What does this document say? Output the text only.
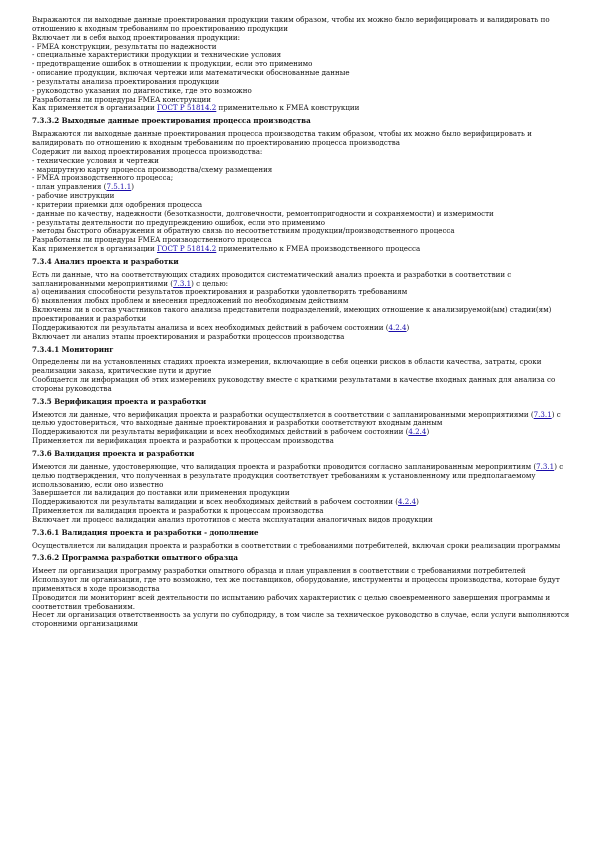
Выражаются ли выходные данные проектирования продукции таким образом, чтобы их можно было верифицировать и валидировать по отношению к входным требованиям по проектированию продукции

Включает ли в себя выход проектирования продукции:

- FMEA конструкции, результаты по надежности

- специальные характеристики продукции и технические условия

- предотвращение ошибок в отношении к продукции, если это применимо

- описание продукции, включая чертежи или математически обоснованные данные

- результаты анализа проектирования продукции

- руководство указания по диагностике, где это возможно

Разработаны ли процедуры FMEA конструкции

Как применяется в организации ГОСТ Р 51814.2 применительно к FMEA конструкции

7.3.3.2 Выходные данные проектирования процесса производства

Выражаются ли выходные данные проектирования процесса производства таким образом, чтобы их можно было верифицировать и валидировать по отношению к входным требованиям по проектированию процесса производства

Содержит ли выход проектирования процесса производства:

- технические условия и чертежи

- маршрутную карту процесса производства/схему размещения

- FMEA производственного процесса;

- план управления (7.5.1.1)

- рабочие инструкции

- критерии приемки для одобрения процесса

- данные по качеству, надежности (безотказности, долговечности, ремонтопригодности и сохраняемости) и измеримости

- результаты деятельности по предупреждению ошибок, если это применимо

- методы быстрого обнаружения и обратную связь по несоответствиям продукции/производственного процесса

Разработаны ли процедуры FMEA производственного процесса

Как применяется в организации ГОСТ Р 51814.2 применительно к FMEA производственного процесса

7.3.4 Анализ проекта и разработки

Есть ли данные, что на соответствующих стадиях проводится систематический анализ проекта и разработки в соответствии с запланированными мероприятиями (7.3.1) с целью:

а) оценивания способности результатов проектирования и разработки удовлетворять требованиям

б) выявления любых проблем и внесения предложений по необходимым действиям

Включены ли в состав участников такого анализа представители подразделений, имеющих отношение к анализируемой(ым) стадии(ям) проектирования и разработки

Поддерживаются ли результаты анализа и всех необходимых действий в рабочем состоянии (4.2.4)

Включает ли анализ этапы проектирования и разработки процессов производства

7.3.4.1 Мониторинг

Определены ли на установленных стадиях проекта измерения, включающие в себя оценки рисков в области качества, затраты, сроки реализации заказа, критические пути и другие

Сообщается ли информация об этих измерениях руководству вместе с краткими результатами в качестве входных данных для анализа со стороны руководства

7.3.5 Верификация проекта и разработки

Имеются ли данные, что верификация проекта и разработки осуществляется в соответствии с запланированными мероприятиями (7.3.1) с целью удостовериться, что выходные данные проектирования и разработки соответствуют входным данным

Поддерживаются ли результаты верификации и всех необходимых действий в рабочем состоянии (4.2.4)

Применяется ли верификация проекта и разработки к процессам производства

7.3.6 Валидация проекта и разработки

Имеются ли данные, удостоверяющие, что валидация проекта и разработки проводится согласно запланированным мероприятиям (7.3.1) с целью подтверждения, что полученная в результате продукция соответствует требованиям к установленному или предполагаемому использованию, если оно известно

Завершается ли валидация до поставки или применения продукции

Поддерживаются ли результаты валидации и всех необходимых действий в рабочем состоянии (4.2.4)

Применяется ли валидация проекта и разработки к процессам производства

Включает ли процесс валидации анализ прототипов с места эксплуатации аналогичных видов продукции

7.3.6.1 Валидация проекта и разработки - дополнение

Осуществляется ли валидация проекта и разработки в соответствии с требованиями потребителей, включая сроки реализации программы

7.3.6.2 Программа разработки опытного образца

Имеет ли организация программу разработки опытного образца и план управления в соответствии с требованиями потребителей

Используют ли организация, где это возможно, тех же поставщиков, оборудование, инструменты и процессы производства, которые будут применяться в ходе производства

Проводится ли мониторинг всей деятельности по испытанию рабочих характеристик с целью своевременного завершения программы и соответствия требованиям.

Несет ли организация ответственность за услуги по субподряду, в том числе за техническое руководство в случае, если услуги выполняются сторонними организациями
